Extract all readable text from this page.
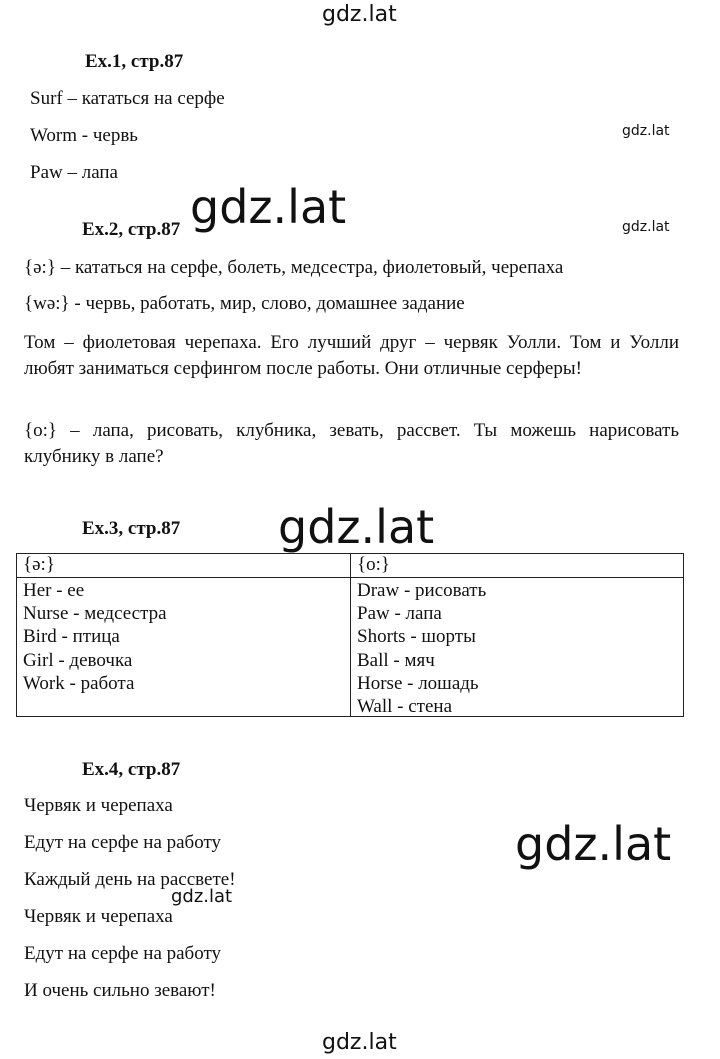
gdz.lat
gdz.lat
gdz.lat	gdz.lat
gdz.lat
gdz.lat
gdz.lat
gdz.lat
Ex.1, стр.87
Surf – кататься на серфе
Worm - червь
Paw – лапа
Ex.2, стр.87
{ə:} – кататься на серфе, болеть, медсестра, фиолетовый, черепаха
{wə:} - червь, работать, мир, слово, домашнее задание

Том – фиолетовая черепаха. Его лучший друг – червяк Уолли. Том и Уолли любят заниматься серфингом после работы. Они отличные серферы!

{o:} – лапа, рисовать, клубника, зевать, рассвет. Ты можешь нарисовать клубнику в лапе?

Ex.3, стр.87
{ə:}	{o:}
Her - ее
Nurse - медсестра
Bird - птица
Girl - девочка
Work - работа
Draw - рисовать
Paw - лапа
Shorts - шорты
Ball - мяч
Horse - лошадь
Wall - стена
Ex.4, стр.87
Червяк и черепаха
Едут на серфе на работу
Каждый день на рассвете!
Червяк и черепаха
Едут на серфе на работу
И очень сильно зевают!
